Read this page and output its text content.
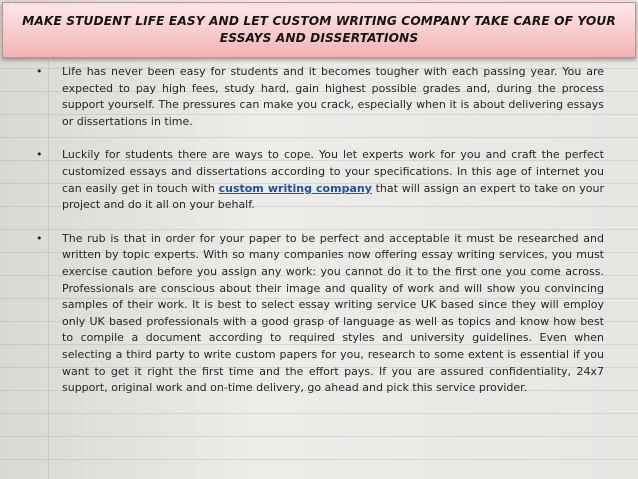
MAKE STUDENT LIFE EASY AND LET CUSTOM WRITING COMPANY TAKE CARE OF YOUR ESSAYS AND DISSERTATIONS
• Life has never been easy for students and it becomes tougher with each passing year. You are expected to pay high fees, study hard, gain highest possible grades and, during the process support yourself. The pressures can make you crack, especially when it is about delivering essays or dissertations in time.
• Luckily for students there are ways to cope. You let experts work for you and craft the perfect customized essays and dissertations according to your specifications. In this age of internet you can easily get in touch with custom writing company that will assign an expert to take on your project and do it all on your behalf.
• The rub is that in order for your paper to be perfect and acceptable it must be researched and written by topic experts. With so many companies now offering essay writing services, you must exercise caution before you assign any work: you cannot do it to the first one you come across. Professionals are conscious about their image and quality of work and will show you convincing samples of their work. It is best to select essay writing service UK based since they will employ only UK based professionals with a good grasp of language as well as topics and know how best to compile a document according to required styles and university guidelines. Even when selecting a third party to write custom papers for you, research to some extent is essential if you want to get it right the first time and the effort pays. If you are assured confidentiality, 24x7 support, original work and on-time delivery, go ahead and pick this service provider.
